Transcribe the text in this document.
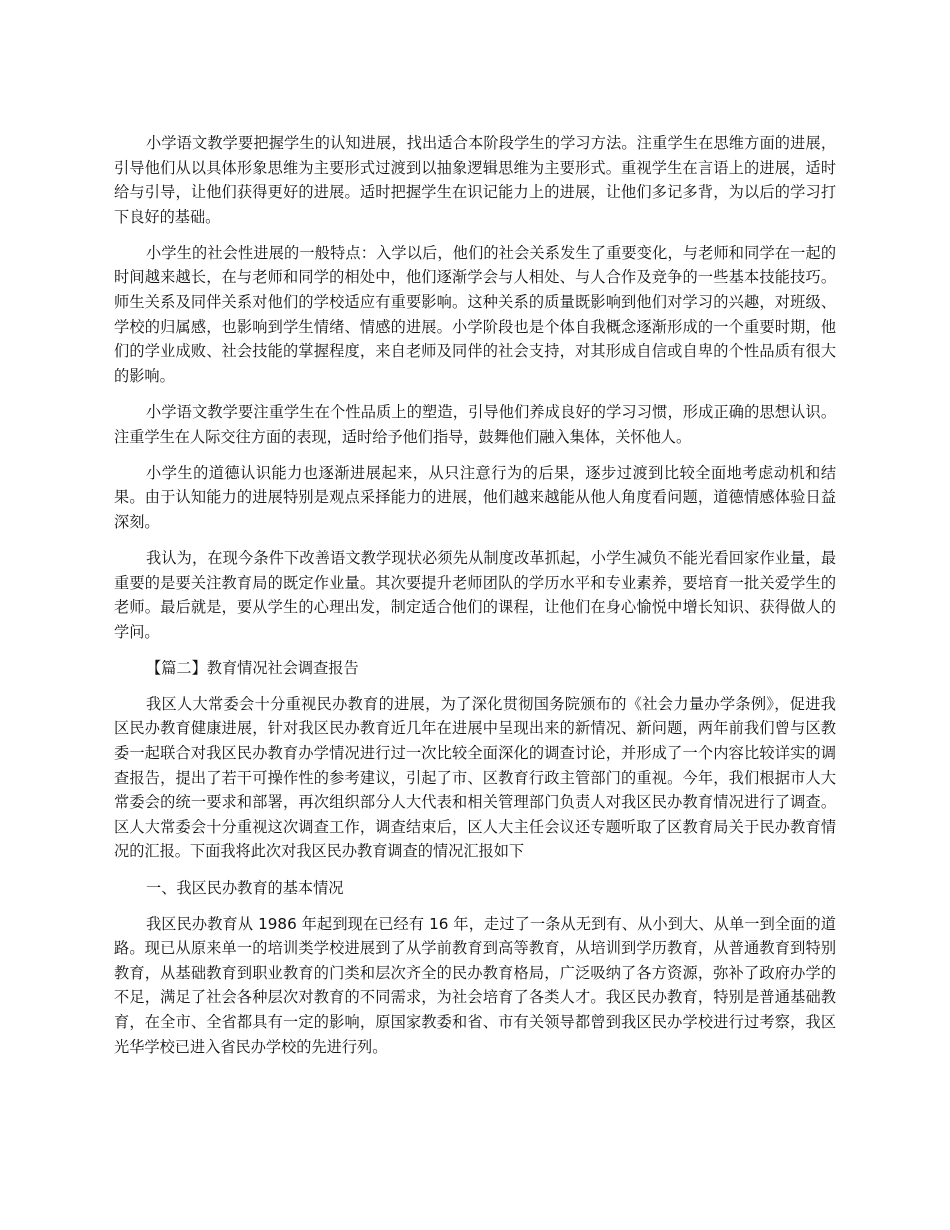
小学语文教学要把握学生的认知进展，找出适合本阶段学生的学习方法。注重学生在思维方面的进展，引导他们从以具体形象思维为主要形式过渡到以抽象逻辑思维为主要形式。重视学生在言语上的进展，适时给与引导，让他们获得更好的进展。适时把握学生在识记能力上的进展，让他们多记多背，为以后的学习打下良好的基础。

小学生的社会性进展的一般特点：入学以后，他们的社会关系发生了重要变化，与老师和同学在一起的时间越来越长，在与老师和同学的相处中，他们逐渐学会与人相处、与人合作及竞争的一些基本技能技巧。师生关系及同伴关系对他们的学校适应有重要影响。这种关系的质量既影响到他们对学习的兴趣，对班级、学校的归属感，也影响到学生情绪、情感的进展。小学阶段也是个体自我概念逐渐形成的一个重要时期，他们的学业成败、社会技能的掌握程度，来自老师及同伴的社会支持，对其形成自信或自卑的个性品质有很大的影响。

小学语文教学要注重学生在个性品质上的塑造，引导他们养成良好的学习习惯，形成正确的思想认识。注重学生在人际交往方面的表现，适时给予他们指导，鼓舞他们融入集体，关怀他人。

小学生的道德认识能力也逐渐进展起来，从只注意行为的后果，逐步过渡到比较全面地考虑动机和结果。由于认知能力的进展特别是观点采择能力的进展，他们越来越能从他人角度看问题，道德情感体验日益深刻。

我认为，在现今条件下改善语文教学现状必须先从制度改革抓起，小学生减负不能光看回家作业量，最重要的是要关注教育局的既定作业量。其次要提升老师团队的学历水平和专业素养，要培育一批关爱学生的老师。最后就是，要从学生的心理出发，制定适合他们的课程，让他们在身心愉悦中增长知识、获得做人的学问。

【篇二】教育情况社会调查报告

我区人大常委会十分重视民办教育的进展，为了深化贯彻国务院颁布的《社会力量办学条例》，促进我区民办教育健康进展，针对我区民办教育近几年在进展中呈现出来的新情况、新问题，两年前我们曾与区教委一起联合对我区民办教育办学情况进行过一次比较全面深化的调查讨论，并形成了一个内容比较详实的调查报告，提出了若干可操作性的参考建议，引起了市、区教育行政主管部门的重视。今年，我们根据市人大常委会的统一要求和部署，再次组织部分人大代表和相关管理部门负责人对我区民办教育情况进行了调查。区人大常委会十分重视这次调查工作，调查结束后，区人大主任会议还专题听取了区教育局关于民办教育情况的汇报。下面我将此次对我区民办教育调查的情况汇报如下

一、我区民办教育的基本情况

我区民办教育从 1986 年起到现在已经有 16 年，走过了一条从无到有、从小到大、从单一到全面的道路。现已从原来单一的培训类学校进展到了从学前教育到高等教育，从培训到学历教育，从普通教育到特别教育，从基础教育到职业教育的门类和层次齐全的民办教育格局，广泛吸纳了各方资源，弥补了政府办学的不足，满足了社会各种层次对教育的不同需求，为社会培育了各类人才。我区民办教育，特别是普通基础教育，在全市、全省都具有一定的影响，原国家教委和省、市有关领导都曾到我区民办学校进行过考察，我区光华学校已进入省民办学校的先进行列。
